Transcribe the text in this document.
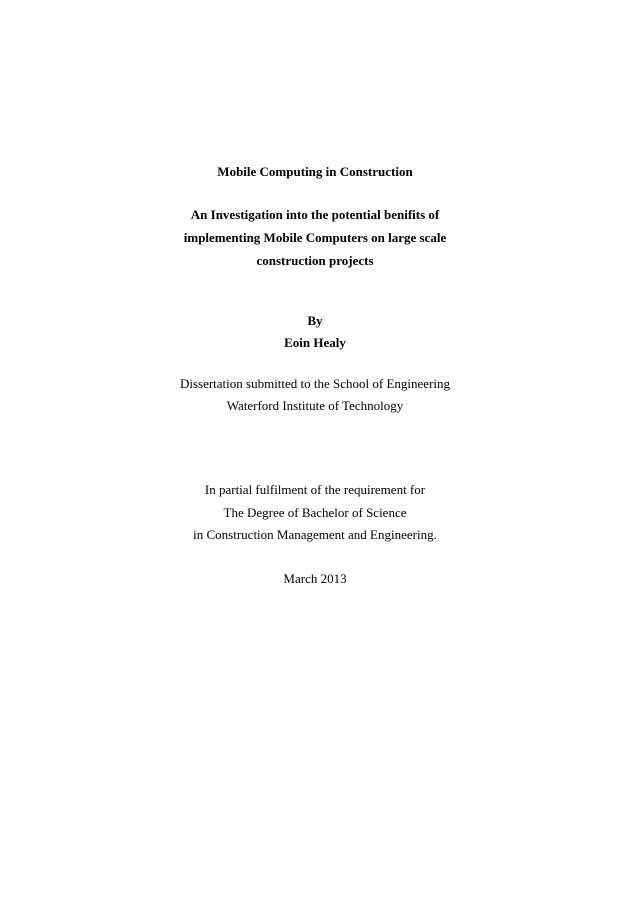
Mobile Computing in Construction
An Investigation into the potential benifits of
implementing Mobile Computers on large scale
construction projects
By
Eoin Healy
Dissertation submitted to the School of Engineering
Waterford Institute of Technology
In partial fulfilment of the requirement for
The Degree of Bachelor of Science
in Construction Management and Engineering.
March 2013
